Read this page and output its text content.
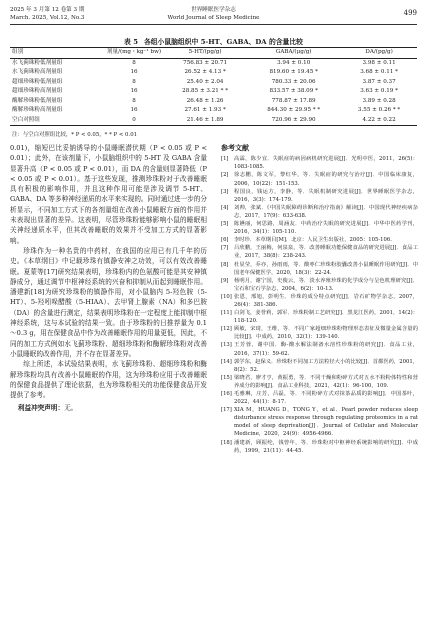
2025 年 3 月第 12 卷第 3 期
March. 2025, Vol.12, No.3
世界睡眠医学杂志
World Journal of Sleep Medicine
499
表 5 各组小鼠脑组织中 5-HT、GABA、DA 的含量比较
组别	剂量/(mg・kg⁻¹ bw)	5-HT/(pg/g)	GABA/(μg/g)	DA/(pg/g)
水飞蓟珠粉低剂量组	8	756.83 ± 20.71	3.94 ± 0.10	3.98 ± 0.11
水飞蓟珠粉高剂量组	16	26.52 ± 4.13 *	819.60 ± 19.45 *	3.68 ± 0.11 *
超细珍珠粉低剂量组	8	25.40 ± 2.04	780.33 ± 20.06	3.87 ± 0.37
超细珍珠粉高剂量组	16	28.85 ± 3.21 * *	833.57 ± 38.09 *	3.63 ± 0.19 *
酶解珍珠粉低剂量组	8	26.48 ± 1.26	778.87 ± 17.89	3.89 ± 0.28
酶解珍珠粉高剂量组	16	27.61 ± 1.93 *	844.30 ± 29.95 * *	3.55 ± 0.26 * *
空白对照组	0	21.46 ± 1.89	720.96 ± 29.90	4.22 ± 0.22
注：与空白对照组比较，* P < 0.05，* * P < 0.01

0.01)，缩短巴比妥钠诱导的小鼠睡眠潜伏期（P < 0.05 或 P < 0.01）；此外，在该剂量下，小鼠脑组织中的 5-HT 及 GABA 含量显著升高（P < 0.05 或 P < 0.01），而 DA 的含量则显著降低（P < 0.05 或 P < 0.01）。基于这些发现，推测珍珠粉对于改善睡眠具有积极的影响作用，并且这种作用可能是涉及调节 5-HT、GABA、DA 等多种神经递质的水平来实现的。同时通过进一步的分析显示，不同加工方式下的各剂量组在改善小鼠睡眠方面的作用并未表现出显著的差异。这表明，尽管珍珠粉能够影响小鼠的睡眠相关神经递质水平，但其改善睡眠的效果并不受加工方式的显著影响。

珍珠作为一种名贵的中药材，在我国的应用已有几千年的历史。《本草纲目》中记载珍珠有镇静安神之功效，可以有效改善睡眠。夏蒙等[17]研究结果表明，珍珠粉内的色氨酸可能是其安神镇静成分，通过调节中枢神经系统的兴奋和抑制从而起到睡眠作用。潘建新[18]为研究珍珠粉的镇静作用，对小鼠脑内 5-羟色胺（5-HT）、5-羟吲哚醋酸（5-HIAA）、去甲肾上腺素（NA）和多巴胺（DA）的含量进行测定，结果表明珍珠粉在一定程度上能抑制中枢神经系统，这与本试验的结果一致。由于珍珠粉的日推荐量为 0.1～0.3 g，用在保健食品中作为改善睡眠作用的用量更低，因此，不同的加工方式例如水飞蓟珍珠粉、超细珍珠粉和酶解珍珠粉对改善小鼠睡眠的改善作用，并不存在显著差异。

综上所述，本试验结果表明，水飞蓟珍珠粉、超细珍珠粉和酶解珍珠粉均具有改善小鼠睡眠的作用，这为珍珠粉应用于改善睡眠的保健食品提供了理论依据，也为珍珠粉相关的功能保健食品开发提供了参考。

利益冲突声明：无。

参考文献
[1]	高霖，陈少宜．失眠症的病因病机研究进展[J]．光明中医，2011，26(5)：1083-1085.
[2]	徐志鹏，陈文军，黎红华，等．失眠症的研究与治疗[J]．中国临床康复，2006，10(22)：151-153.
[3]	程国良，钱运方，李静，等．失眠机制研究进展[J]．世界睡眠医学杂志，2016，3(3)：174-179.
[4]	刘帅，张斌．《中国失眠障碍诊断和治疗指南》解读[J]．中国现代神经疾病杂志，2017，17(9)：633-638.
[5]	陈嬿丽，何思路，周涵友．中药治疗失眠的研究进展[J]．中华中医药学刊，2016，34(1)：105-110.
[6]	李时珍．本草纲目[M]．北京：人民卫生出版社，2005：105-106.
[7]	吕欣鹏，王丽梅，何泉泉，等．改善睡眠功能保健食品的研究进展[J]．食品工业，2017，38(8)：238-243.
[8]	杜显莹，乔亦，孙雨雨，等．酸枣仁珍珠粉胶囊改善小鼠睡眠作用研究[J]．中国老年保健医学，2020，18(3)：22-24.
[9]	杨明月，谢宁国，史俊云，等．淡水养殖珍珠的化学成分与呈色机理研究[J]．宝石和宝石学杂志，2004，6(2)：10-13.
[10] 张恩，邢旭，彭明生．珍珠的成分特点研究[J]．岩石矿物学杂志，2007，26(4)：381-386.
[11] 白剑飞，姜誉莉，郭军．珍珠粉制工艺研究[J]．黑龙江医药，2001，14(2)：118-120.
[12] 顾敏，宋琦，王维，等．不同广家超细珍珠粉物理形态表征及微量金属含量的比较[J]．中成药，2010，32(1)：139-140.
[13] 王芳蓉，谢中国．酶-酸水解法制备水溶性珍珠粉的研究[J]．食品工业，2016，37(1)：59-62.
[14] 郭学东，赵保义．珍珠粉不同加工方法粒径大小的比较[J]．首都医药，2001，8(2)：52.
[15] 梁晓君，廖才亨，黄振勇，等．不同干燥和粉碎方式对五水不粉粉体特性和营养成分的影响[J]．食品工业科技，2021，42(1)：96-100，109.
[16] 毛雅琳，庄芳，吕磊，等．不同粉碎方式对抹茶品质的影响[J]．中国茶叶，2022，44(1)：8-17.
[17] XIA M，HUANG D，TONG Y，et al．Pearl powder reduces sleep disturbance stress response through regulating proteomics in a rat model of sleep deprivation[J]．Journal of Cellular and Molecular Medicine，2020，24(9)：4956-4966.
[18] 潘建新，顾振纶，钱曾年，等．珍珠粉对中枢神经系统影响的研究[J]．中成药，1999，21(11)：44-45.
